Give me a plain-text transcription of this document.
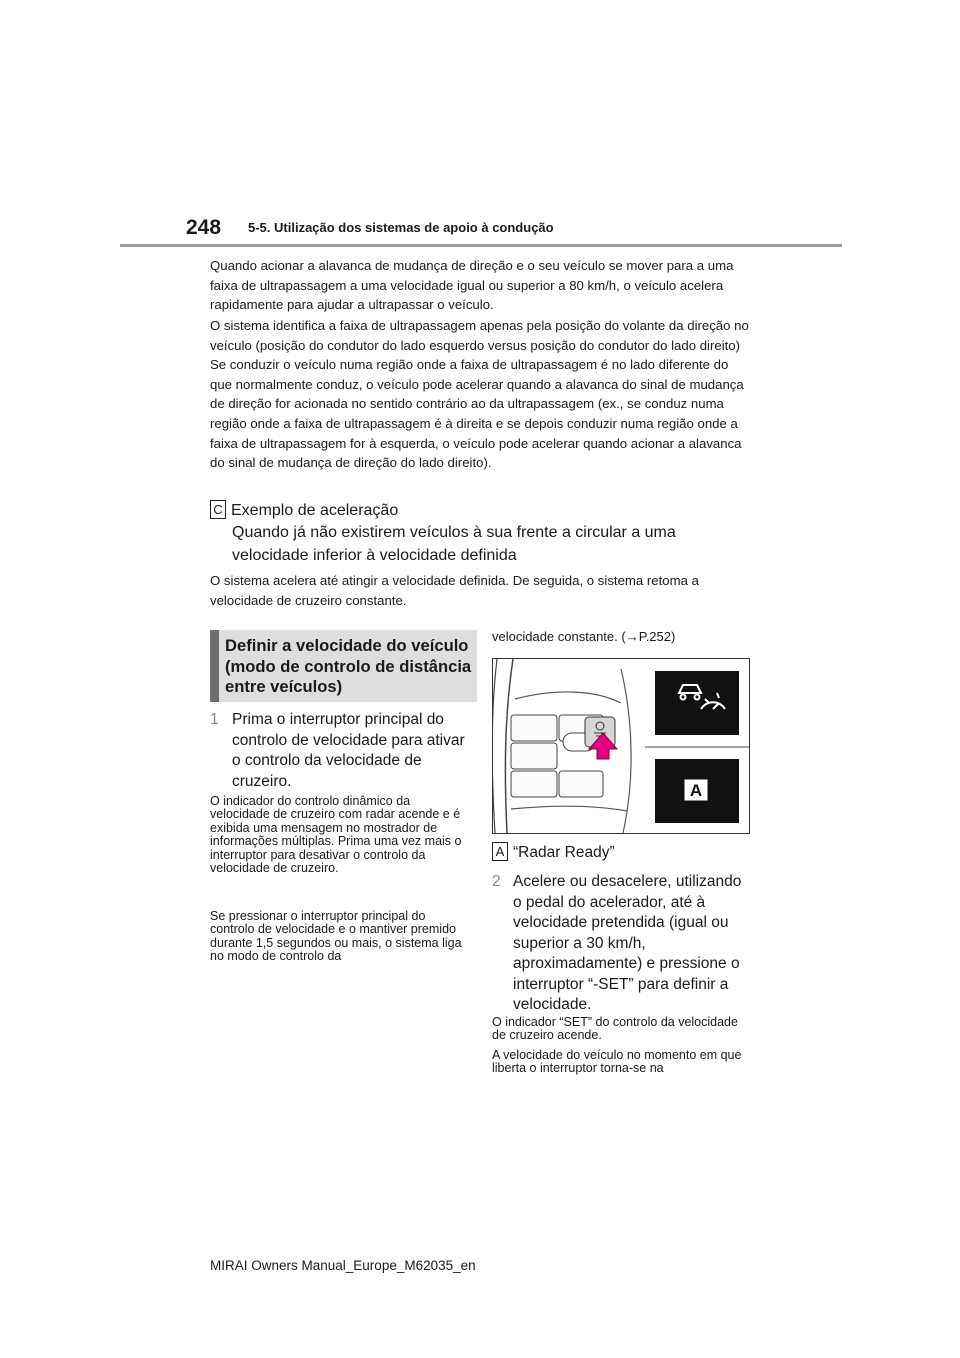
248 5-5. Utilização dos sistemas de apoio à condução
Quando acionar a alavanca de mudança de direção e o seu veículo se mover para a uma faixa de ultrapassagem a uma velocidade igual ou superior a 80 km/h, o veículo acelera rapidamente para ajudar a ultrapassar o veículo.
O sistema identifica a faixa de ultrapassagem apenas pela posição do volante da direção no veículo (posição do condutor do lado esquerdo versus posição do condutor do lado direito) Se conduzir o veículo numa região onde a faixa de ultrapassagem é no lado diferente do que normalmente conduz, o veículo pode acelerar quando a alavanca do sinal de mudança de direção for acionada no sentido contrário ao da ultrapassagem (ex., se conduz numa região onde a faixa de ultrapassagem é à direita e se depois conduzir numa região onde a faixa de ultrapassagem for à esquerda, o veículo pode acelerar quando acionar a alavanca do sinal de mudança de direção do lado direito).
C Exemplo de aceleração
Quando já não existirem veículos à sua frente a circular a uma velocidade inferior à velocidade definida
O sistema acelera até atingir a velocidade definida. De seguida, o sistema retoma a velocidade de cruzeiro constante.
Definir a velocidade do veículo (modo de controlo de distância entre veículos)
1 Prima o interruptor principal do controlo de velocidade para ativar o controlo da velocidade de cruzeiro.
O indicador do controlo dinâmico da velocidade de cruzeiro com radar acende e é exibida uma mensagem no mostrador de informações múltiplas. Prima uma vez mais o interruptor para desativar o controlo da velocidade de cruzeiro.
Se pressionar o interruptor principal do controlo de velocidade e o mantiver premido durante 1,5 segundos ou mais, o sistema liga no modo de controlo da
velocidade constante. (→P.252)
A
A “Radar Ready”
2 Acelere ou desacelere, utilizando o pedal do acelerador, até à velocidade pretendida (igual ou superior a 30 km/h, aproximadamente) e pressione o interruptor “-SET” para definir a velocidade.
O indicador “SET” do controlo da velocidade de cruzeiro acende.
A velocidade do veículo no momento em que liberta o interruptor torna-se na
MIRAI Owners Manual_Europe_M62035_en
